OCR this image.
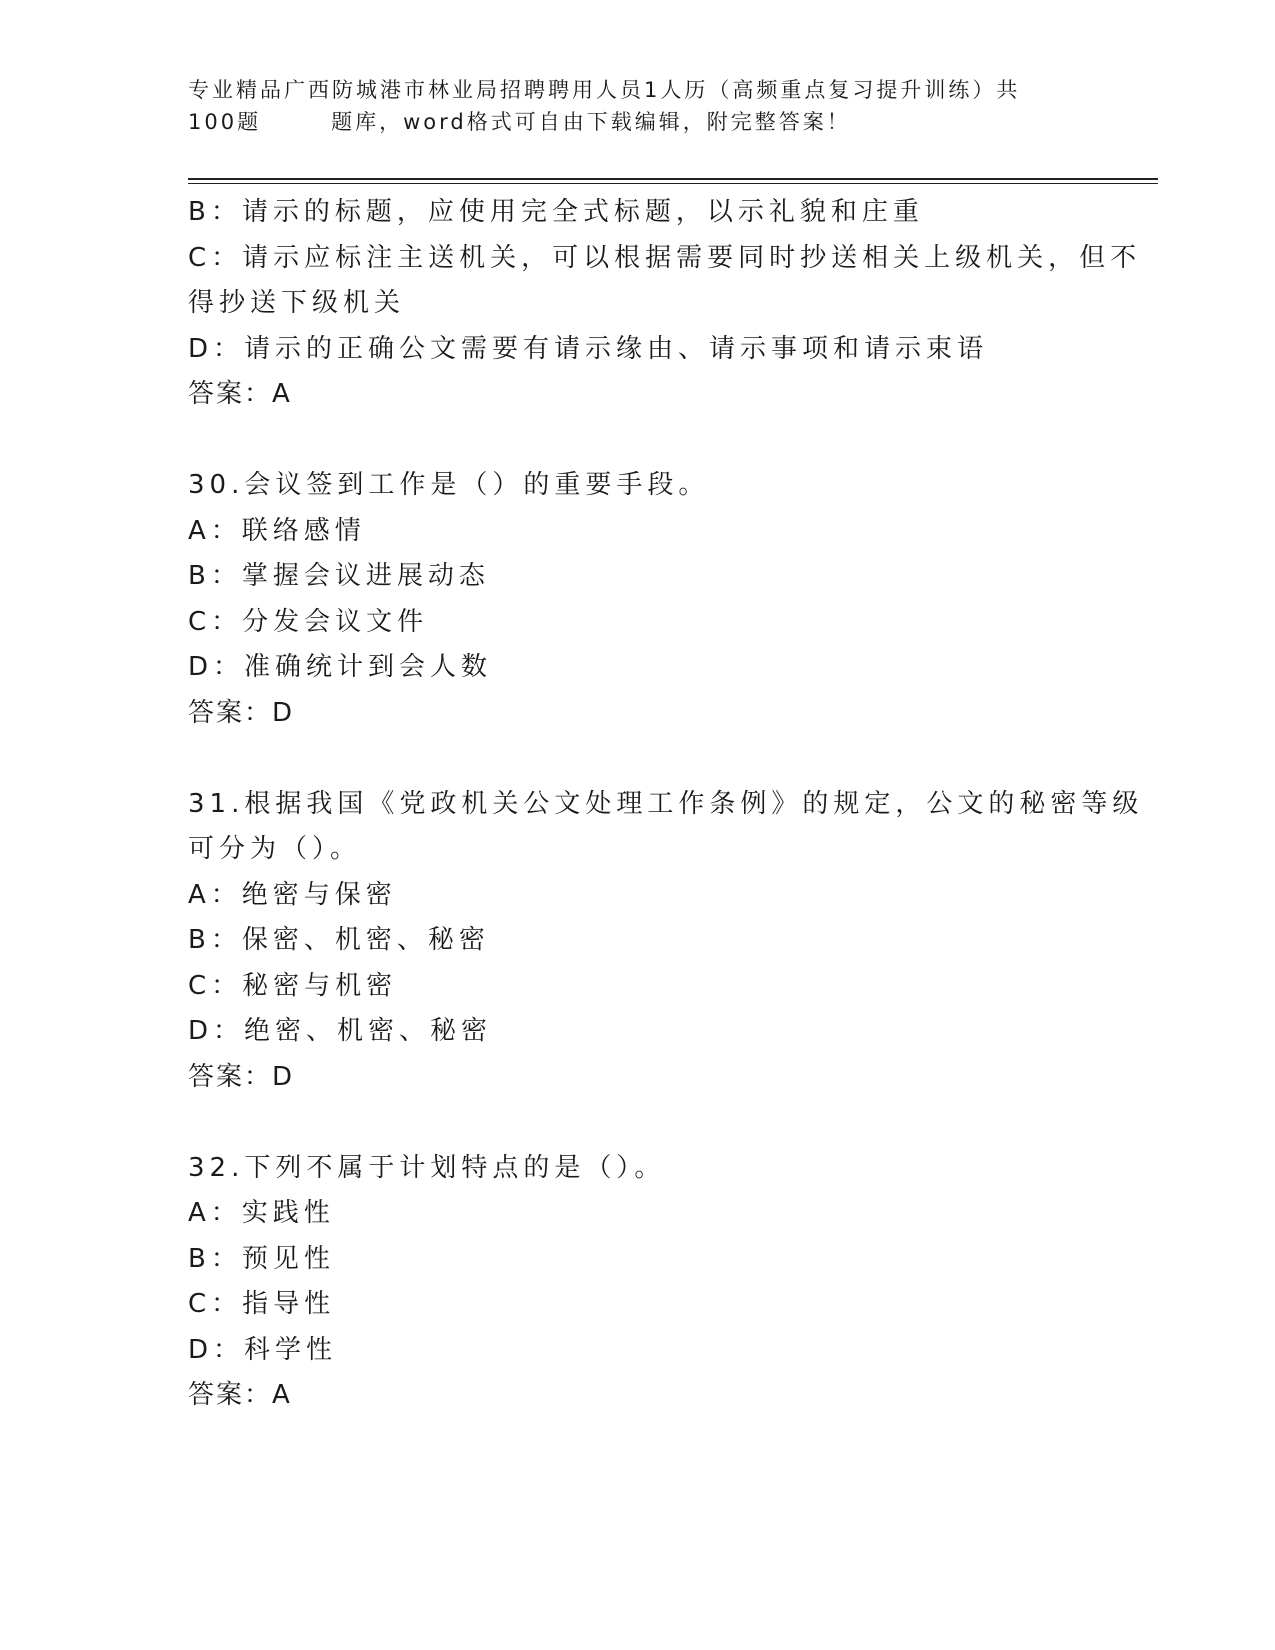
专业精品广西防城港市林业局招聘聘用人员1人历（高频重点复习提升训练）共
100题	题库，word格式可自由下载编辑，附完整答案！
B：请示的标题，应使用完全式标题，以示礼貌和庄重
C：请示应标注主送机关，可以根据需要同时抄送相关上级机关，但不
得抄送下级机关
D：请示的正确公文需要有请示缘由、请示事项和请示束语
答案：A
30.会议签到工作是（）的重要手段。
A：联络感情
B：掌握会议进展动态
C：分发会议文件
D：准确统计到会人数
答案：D
31.根据我国《党政机关公文处理工作条例》的规定，公文的秘密等级
可分为（）。
A：绝密与保密
B：保密、机密、秘密
C：秘密与机密
D：绝密、机密、秘密
答案：D
32.下列不属于计划特点的是（）。
A：实践性
B：预见性
C：指导性
D：科学性
答案：A
